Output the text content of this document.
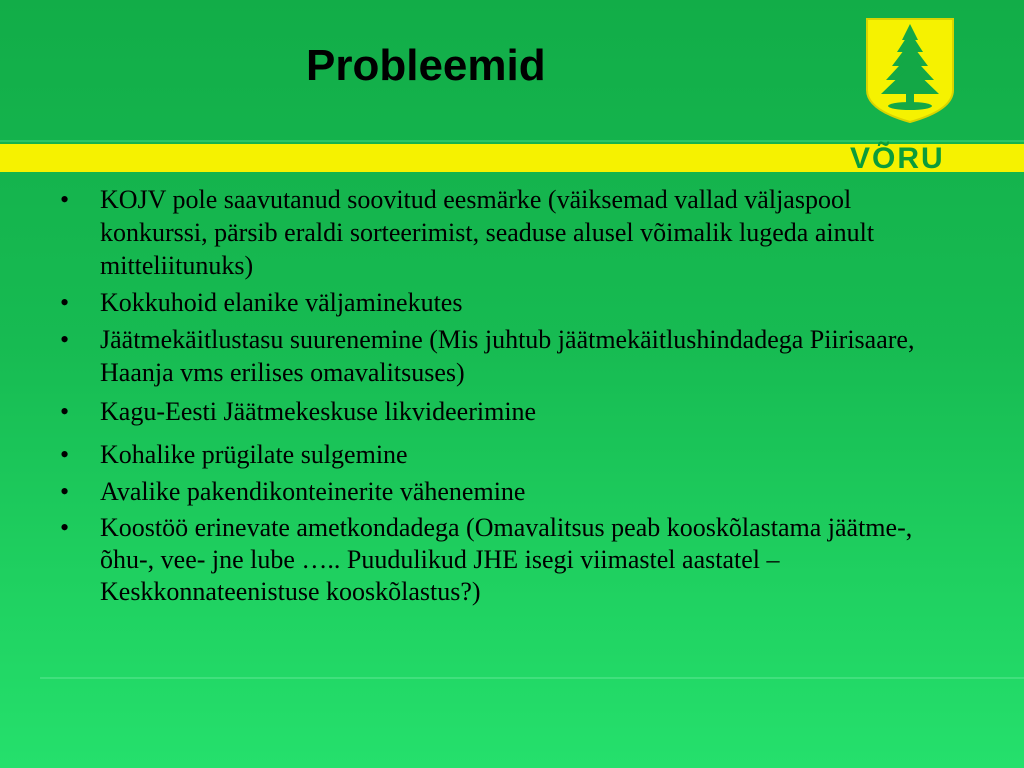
Probleemid
VÕRU
• KOJV pole saavutanud soovitud eesmärke (väiksemad vallad väljaspool konkurssi, pärsib eraldi sorteerimist, seaduse alusel võimalik lugeda ainult mitteliitunuks)
• Kokkuhoid elanike väljaminekutes
• Jäätmekäitlustasu suurenemine (Mis juhtub jäätmekäitlushindadega Piirisaare, Haanja vms erilises omavalitsuses)
• Kagu-Eesti Jäätmekeskuse likvideerimine
• Kohalike prügilate sulgemine
• Avalike pakendikonteinerite vähenemine
• Koostöö erinevate ametkondadega (Omavalitsus peab kooskõlastama jäätme-, õhu-, vee- jne lube ….. Puudulikud JHE isegi viimastel aastatel – Keskkonnateenistuse kooskõlastus?)
